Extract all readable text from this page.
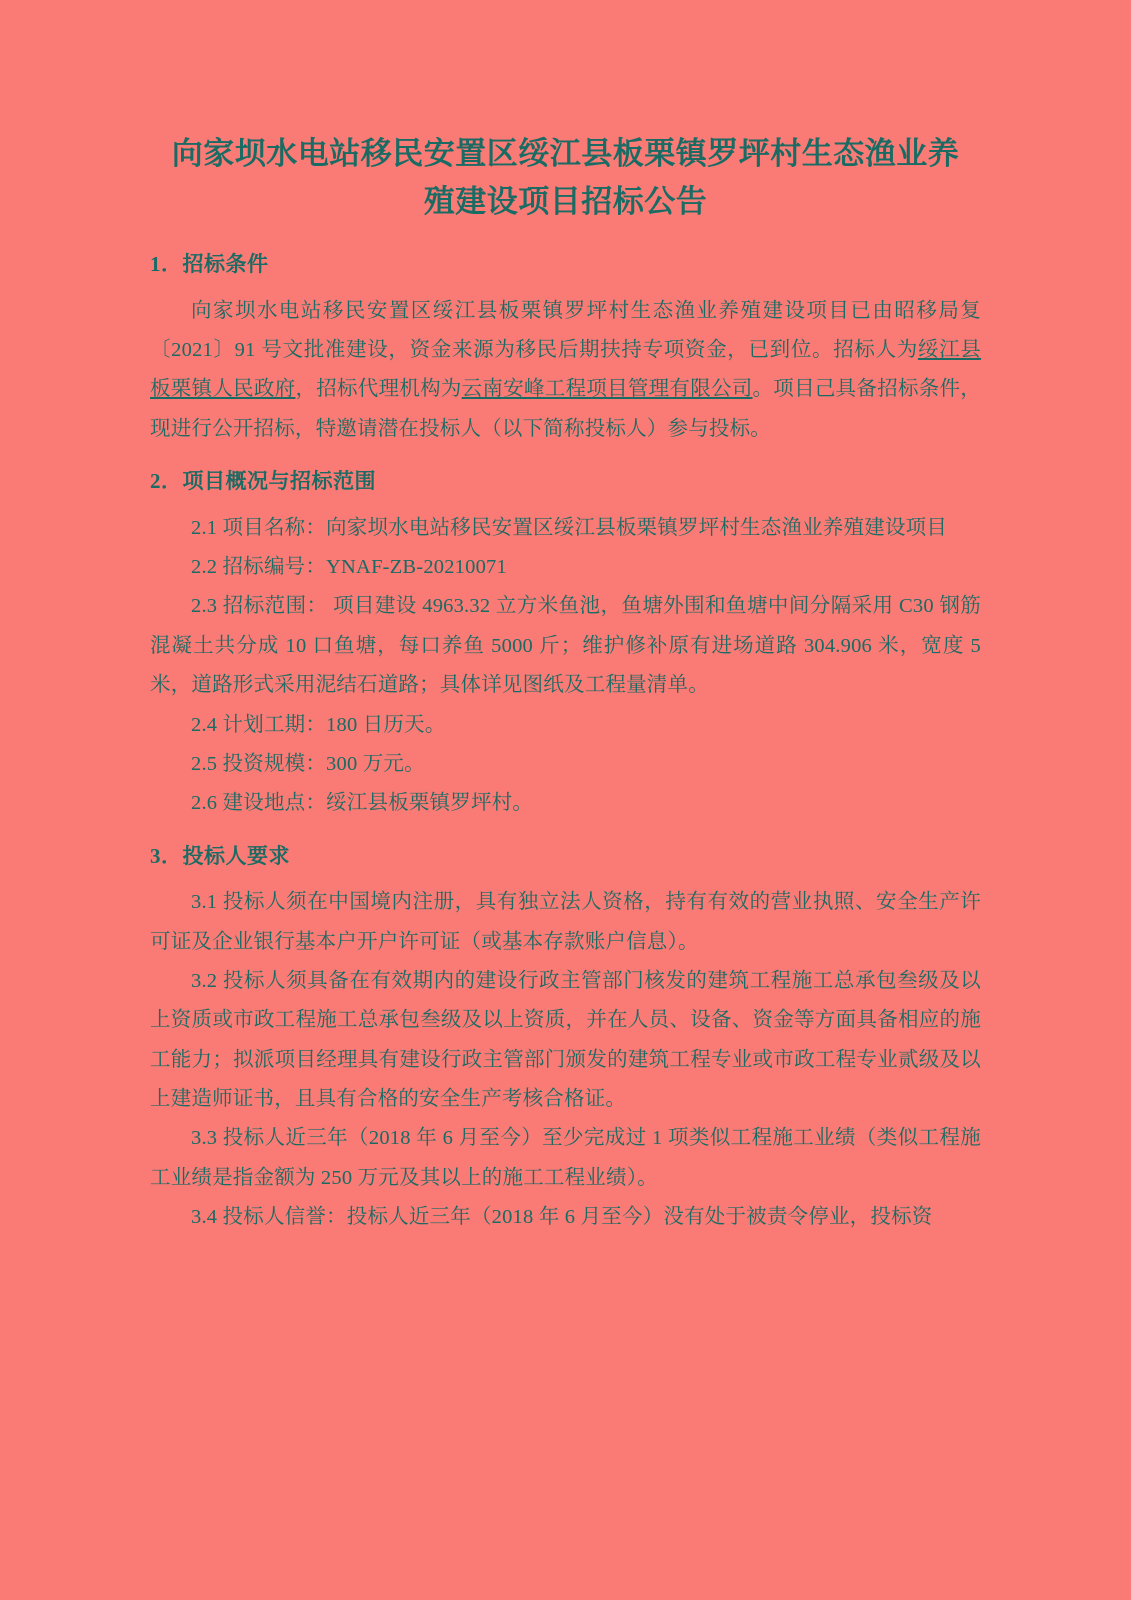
向家坝水电站移民安置区绥江县板栗镇罗坪村生态渔业养殖建设项目招标公告
1．招标条件

向家坝水电站移民安置区绥江县板栗镇罗坪村生态渔业养殖建设项目已由昭移局复〔2021〕91 号文批准建设，资金来源为移民后期扶持专项资金，已到位。招标人为绥江县板栗镇人民政府，招标代理机构为云南安峰工程项目管理有限公司。项目己具备招标条件，现进行公开招标，特邀请潜在投标人（以下简称投标人）参与投标。

2．项目概况与招标范围

2.1 项目名称：向家坝水电站移民安置区绥江县板栗镇罗坪村生态渔业养殖建设项目

2.2 招标编号：YNAF-ZB-20210071

2.3 招标范围： 项目建设 4963.32 立方米鱼池，鱼塘外围和鱼塘中间分隔采用 C30 钢筋混凝土共分成 10 口鱼塘，每口养鱼 5000 斤；维护修补原有进场道路 304.906 米，宽度 5 米，道路形式采用泥结石道路；具体详见图纸及工程量清单。

2.4 计划工期：180 日历天。

2.5 投资规模：300 万元。

2.6 建设地点：绥江县板栗镇罗坪村。

3．投标人要求

3.1 投标人须在中国境内注册，具有独立法人资格，持有有效的营业执照、安全生产许可证及企业银行基本户开户许可证（或基本存款账户信息）。

3.2 投标人须具备在有效期内的建设行政主管部门核发的建筑工程施工总承包叁级及以上资质或市政工程施工总承包叁级及以上资质，并在人员、设备、资金等方面具备相应的施工能力；拟派项目经理具有建设行政主管部门颁发的建筑工程专业或市政工程专业贰级及以上建造师证书，且具有合格的安全生产考核合格证。

3.3 投标人近三年（2018 年 6 月至今）至少完成过 1 项类似工程施工业绩（类似工程施工业绩是指金额为 250 万元及其以上的施工工程业绩）。

3.4 投标人信誉：投标人近三年（2018 年 6 月至今）没有处于被责令停业，投标资
